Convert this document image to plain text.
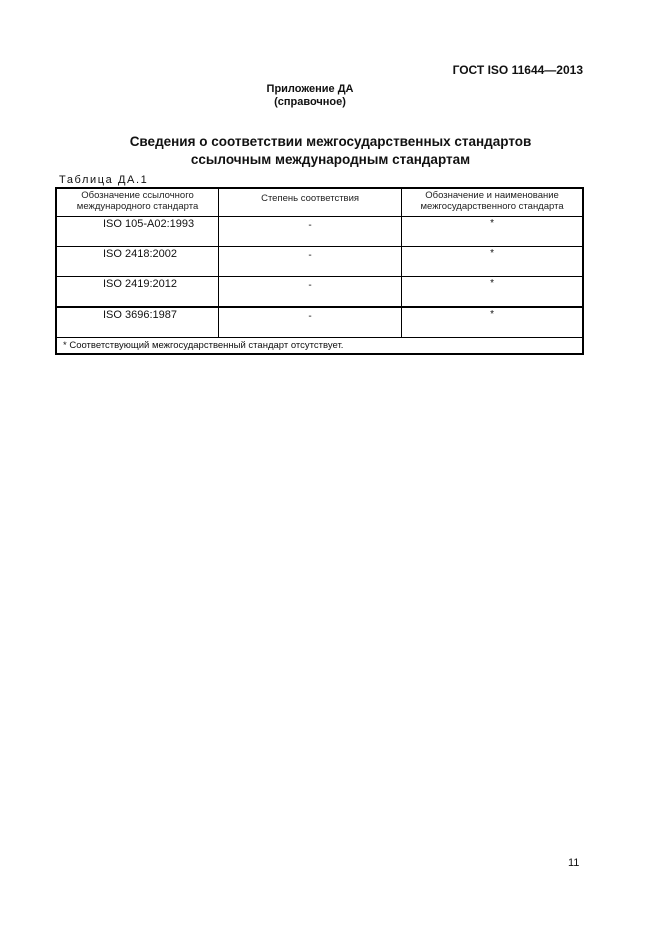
ГОСТ ISO 11644—2013
Приложение ДА
(справочное)
Сведения о соответствии межгосударственных стандартов
ссылочным международным стандартам
Таблица ДА.1
Обозначение ссылочного международного стандарта	Степень соответствия	Обозначение и наименование межгосударственного стандарта
ISO 105-A02:1993	-	*
ISO 2418:2002	-	*
ISO 2419:2012	-	*
ISO 3696:1987	-	*
* Соответствующий межгосударственный стандарт отсутствует.		
11
